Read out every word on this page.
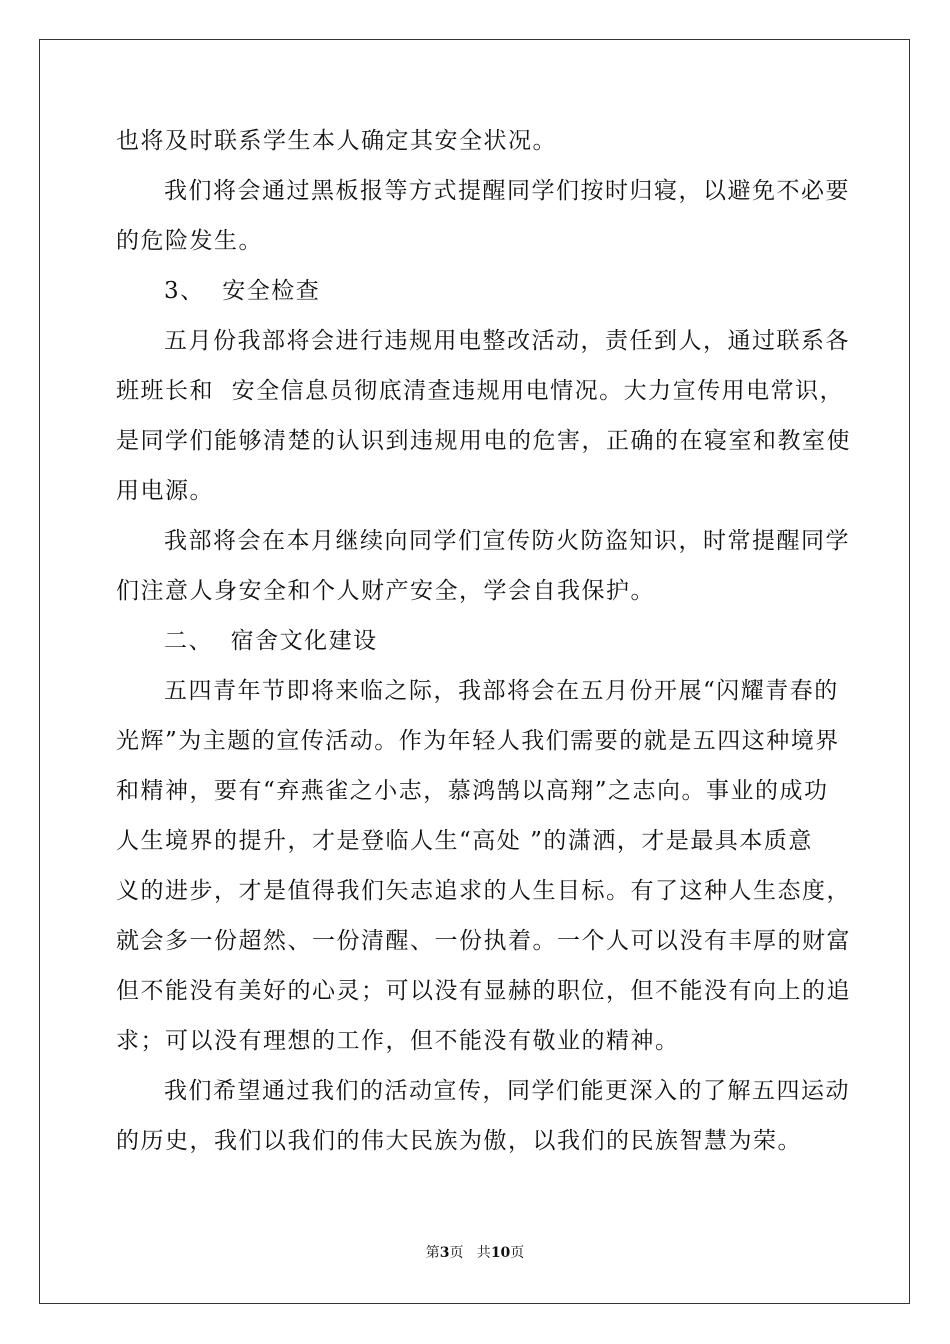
也将及时联系学生本人确定其安全状况。
我们将会通过黑板报等方式提醒同学们按时归寝，以避免不必要
的危险发生。
3、  安全检查
五月份我部将会进行违规用电整改活动，责任到人，通过联系各
班班长和  安全信息员彻底清查违规用电情况。大力宣传用电常识，
是同学们能够清楚的认识到违规用电的危害，正确的在寝室和教室使
用电源。
我部将会在本月继续向同学们宣传防火防盗知识，时常提醒同学
们注意人身安全和个人财产安全，学会自我保护。
二、  宿舍文化建设
五四青年节即将来临之际，我部将会在五月份开展“闪耀青春的
光辉”为主题的宣传活动。作为年轻人我们需要的就是五四这种境界
和精神，要有“弃燕雀之小志，慕鸿鹄以高翔”之志向。事业的成功
人生境界的提升，才是登临人生“高处 ”的潇洒，才是最具本质意
义的进步，才是值得我们矢志追求的人生目标。有了这种人生态度，
就会多一份超然、一份清醒、一份执着。一个人可以没有丰厚的财富
但不能没有美好的心灵；可以没有显赫的职位，但不能没有向上的追
求；可以没有理想的工作，但不能没有敬业的精神。
我们希望通过我们的活动宣传，同学们能更深入的了解五四运动
的历史，我们以我们的伟大民族为傲，以我们的民族智慧为荣。
第3页   共10页
